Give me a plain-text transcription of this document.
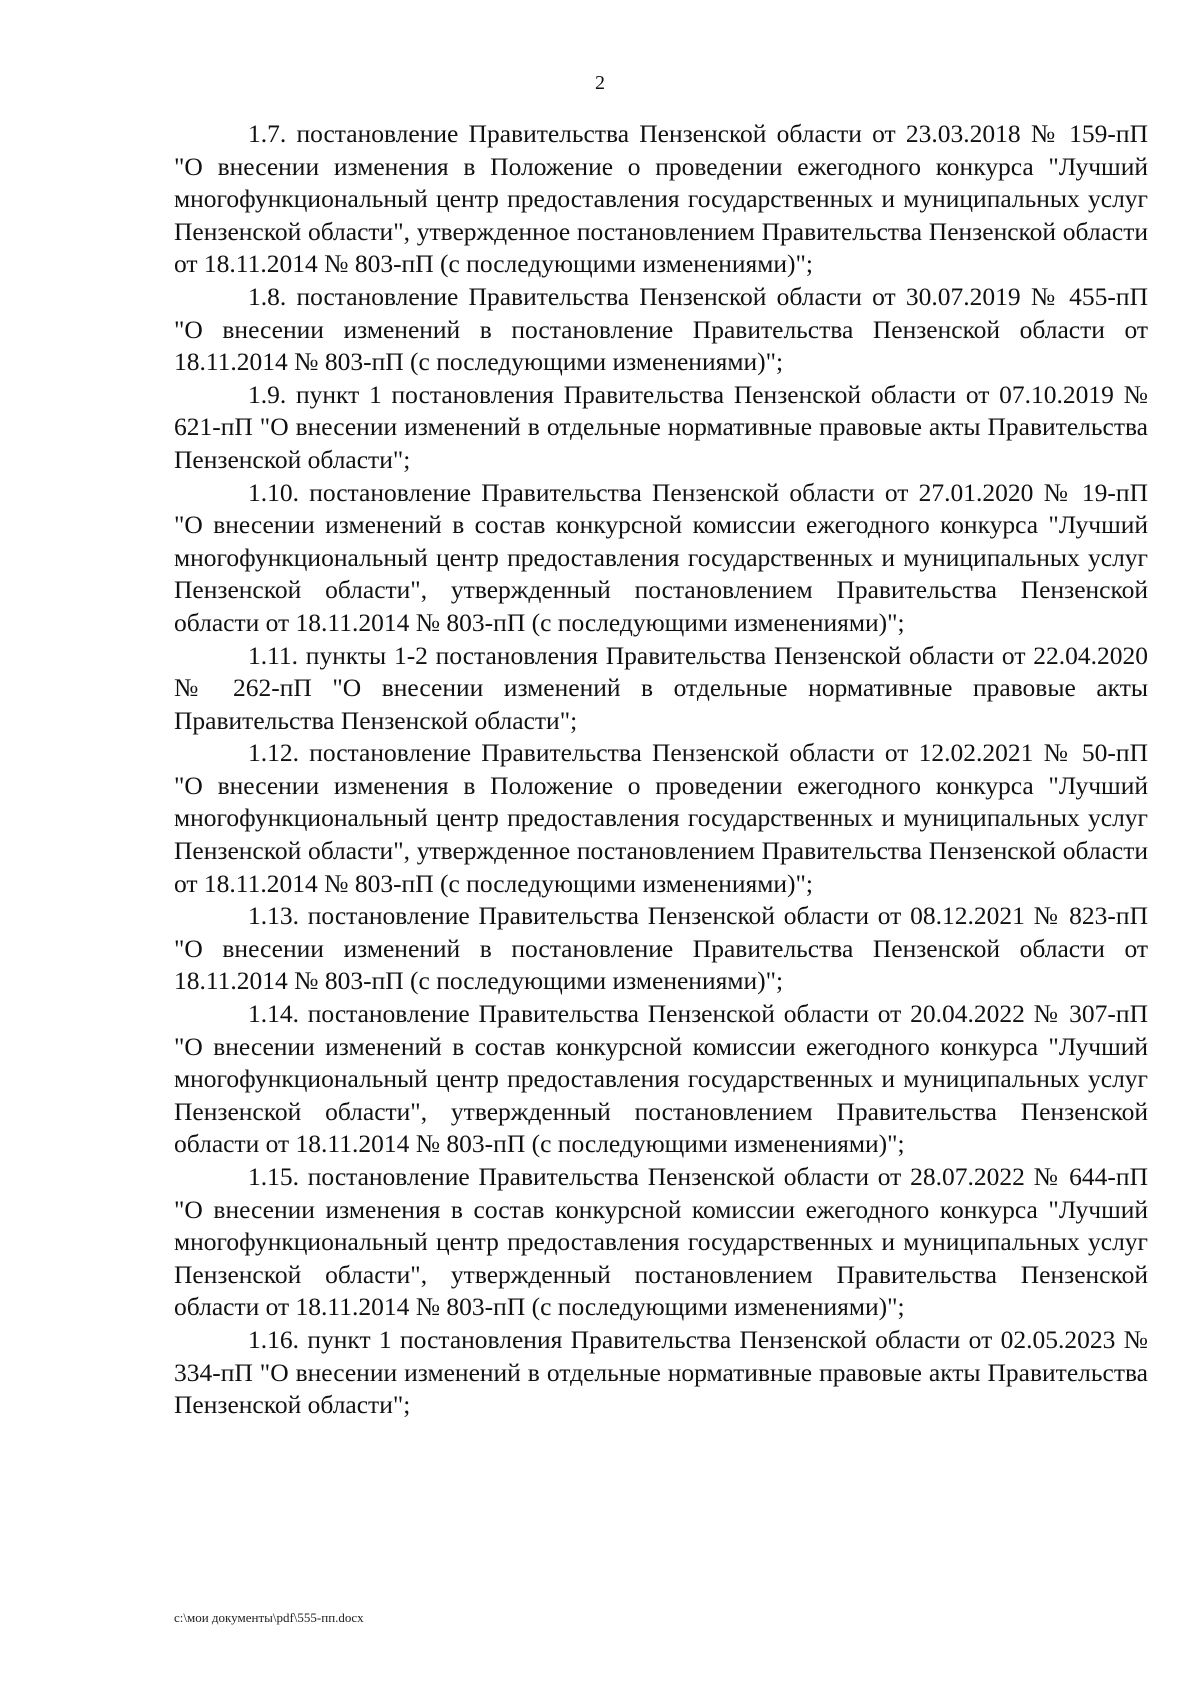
2

1.7. постановление Правительства Пензенской области от 23.03.2018 № 159-пП "О внесении изменения в Положение о проведении ежегодного конкурса "Лучший многофункциональный центр предоставления государственных и муниципальных услуг Пензенской области", утвержденное постановлением Правительства Пензенской области от 18.11.2014 № 803-пП (с последующими изменениями)";

1.8. постановление Правительства Пензенской области от 30.07.2019 № 455-пП "О внесении изменений в постановление Правительства Пензенской области от 18.11.2014 № 803-пП (с последующими изменениями)";

1.9. пункт 1 постановления Правительства Пензенской области от 07.10.2019 № 621-пП "О внесении изменений в отдельные нормативные правовые акты Правительства Пензенской области";

1.10. постановление Правительства Пензенской области от 27.01.2020 № 19-пП "О внесении изменений в состав конкурсной комиссии ежегодного конкурса "Лучший многофункциональный центр предоставления государственных и муниципальных услуг Пензенской области", утвержденный постановлением Правительства Пензенской области от 18.11.2014 № 803-пП (с последующими изменениями)";

1.11. пункты 1-2 постановления Правительства Пензенской области от 22.04.2020 № 262-пП "О внесении изменений в отдельные нормативные правовые акты Правительства Пензенской области";

1.12. постановление Правительства Пензенской области от 12.02.2021 № 50-пП "О внесении изменения в Положение о проведении ежегодного конкурса "Лучший многофункциональный центр предоставления государственных и муниципальных услуг Пензенской области", утвержденное постановлением Правительства Пензенской области от 18.11.2014 № 803-пП (с последующими изменениями)";

1.13. постановление Правительства Пензенской области от 08.12.2021 № 823-пП "О внесении изменений в постановление Правительства Пензенской области от 18.11.2014 № 803-пП (с последующими изменениями)";

1.14. постановление Правительства Пензенской области от 20.04.2022 № 307-пП "О внесении изменений в состав конкурсной комиссии ежегодного конкурса "Лучший многофункциональный центр предоставления государственных и муниципальных услуг Пензенской области", утвержденный постановлением Правительства Пензенской области от 18.11.2014 № 803-пП (с последующими изменениями)";

1.15. постановление Правительства Пензенской области от 28.07.2022 № 644-пП "О внесении изменения в состав конкурсной комиссии ежегодного конкурса "Лучший многофункциональный центр предоставления государственных и муниципальных услуг Пензенской области", утвержденный постановлением Правительства Пензенской области от 18.11.2014 № 803-пП (с последующими изменениями)";

1.16. пункт 1 постановления Правительства Пензенской области от 02.05.2023 № 334-пП "О внесении изменений в отдельные нормативные правовые акты Правительства Пензенской области";

c:\мои документы\pdf\555-пп.docx
